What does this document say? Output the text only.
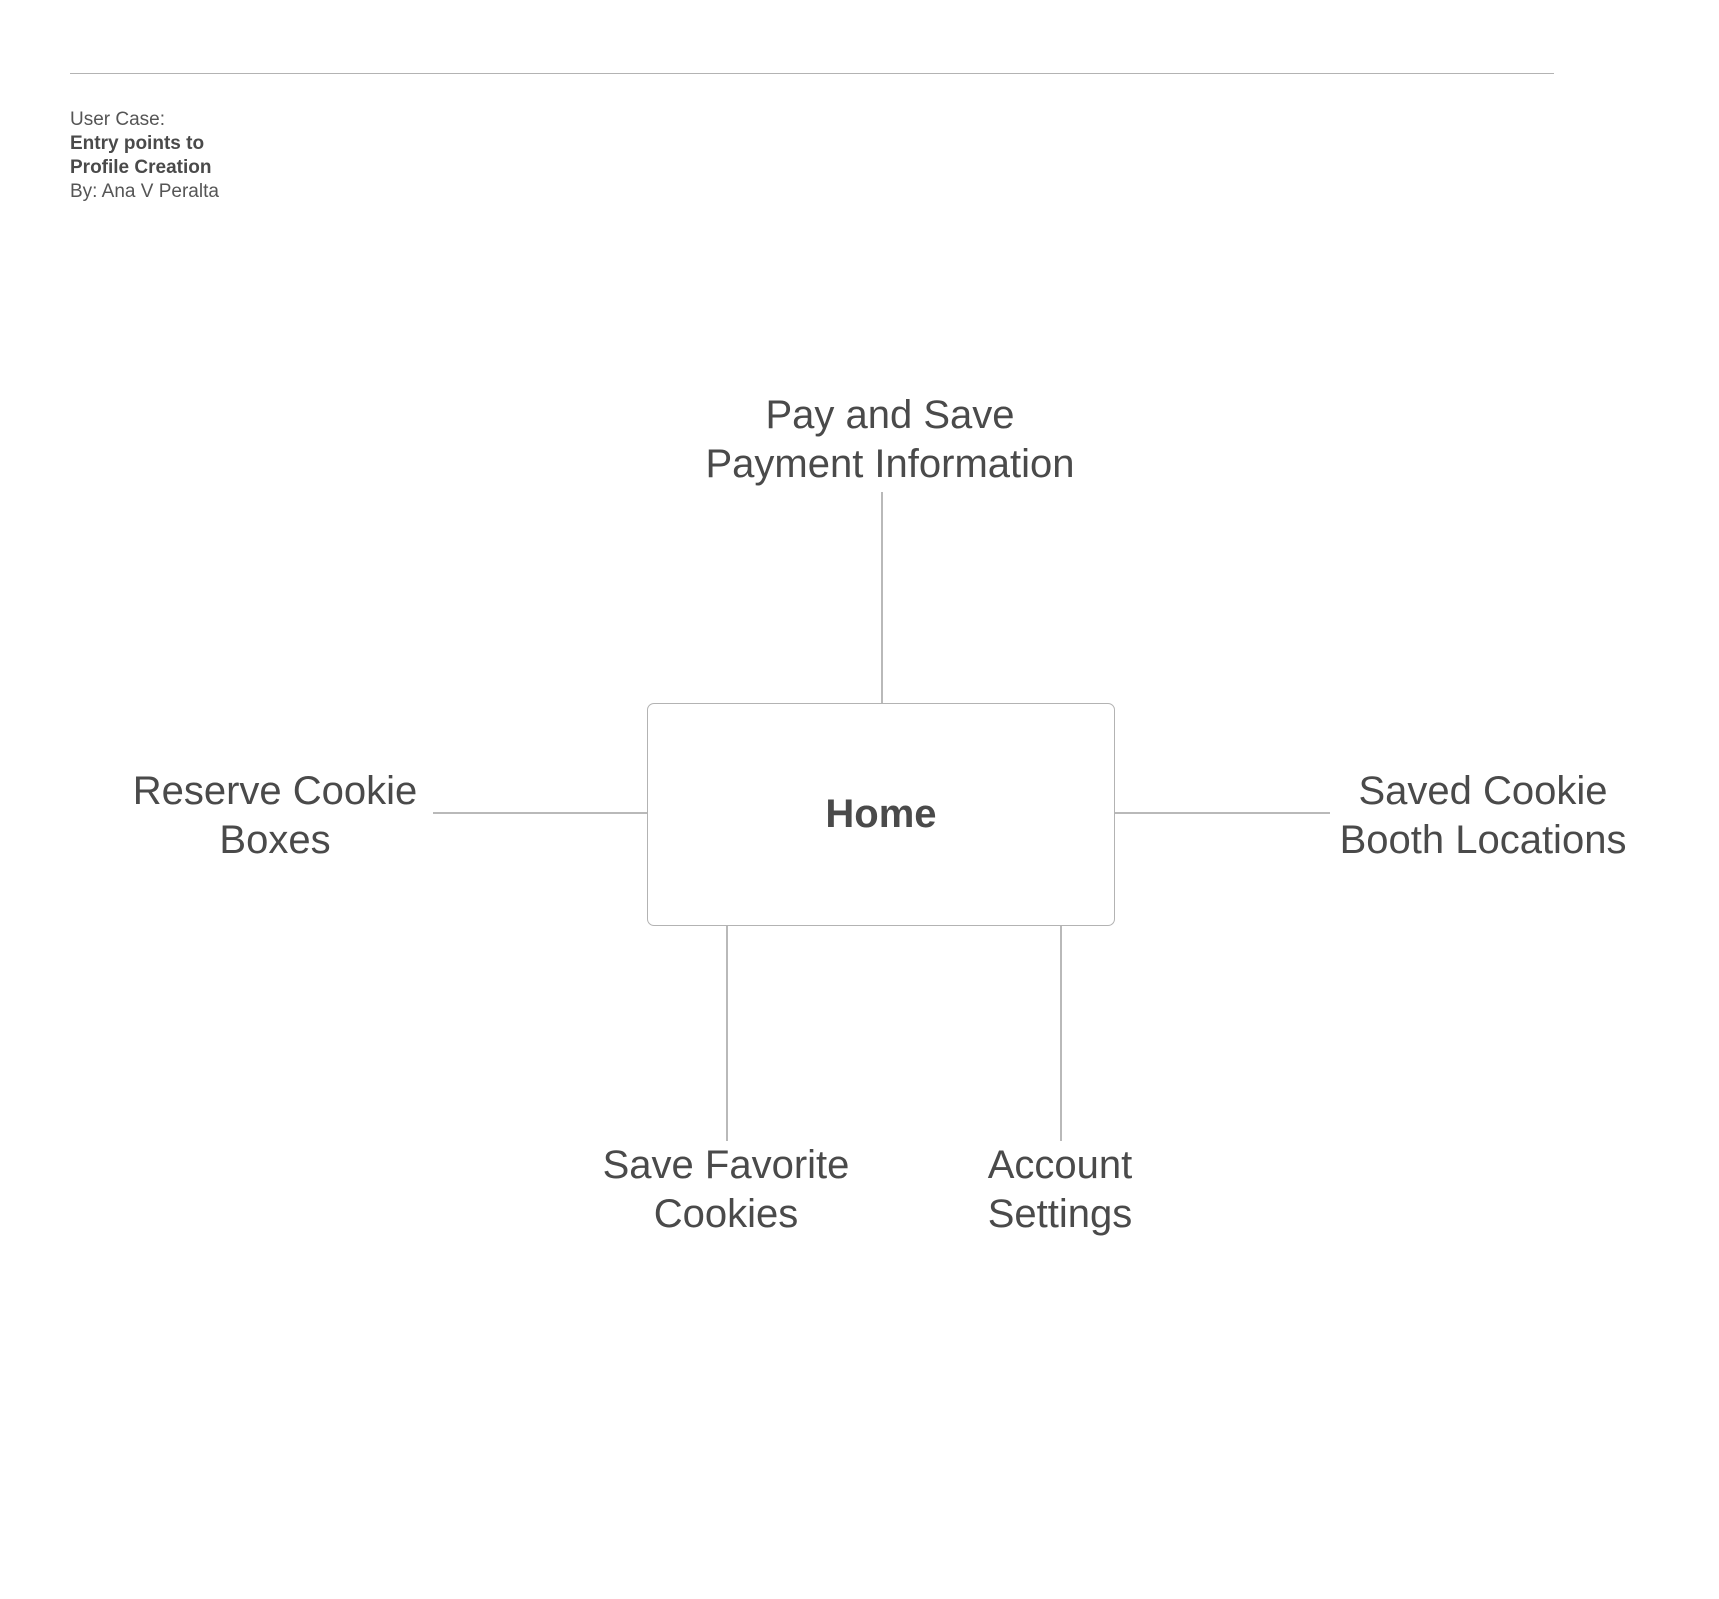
User Case:
Entry points to
Profile Creation
By: Ana V Peralta
Home
Pay and Save
Payment Information
Reserve Cookie
Boxes
Saved Cookie
Booth Locations
Save Favorite
Cookies
Account
Settings
